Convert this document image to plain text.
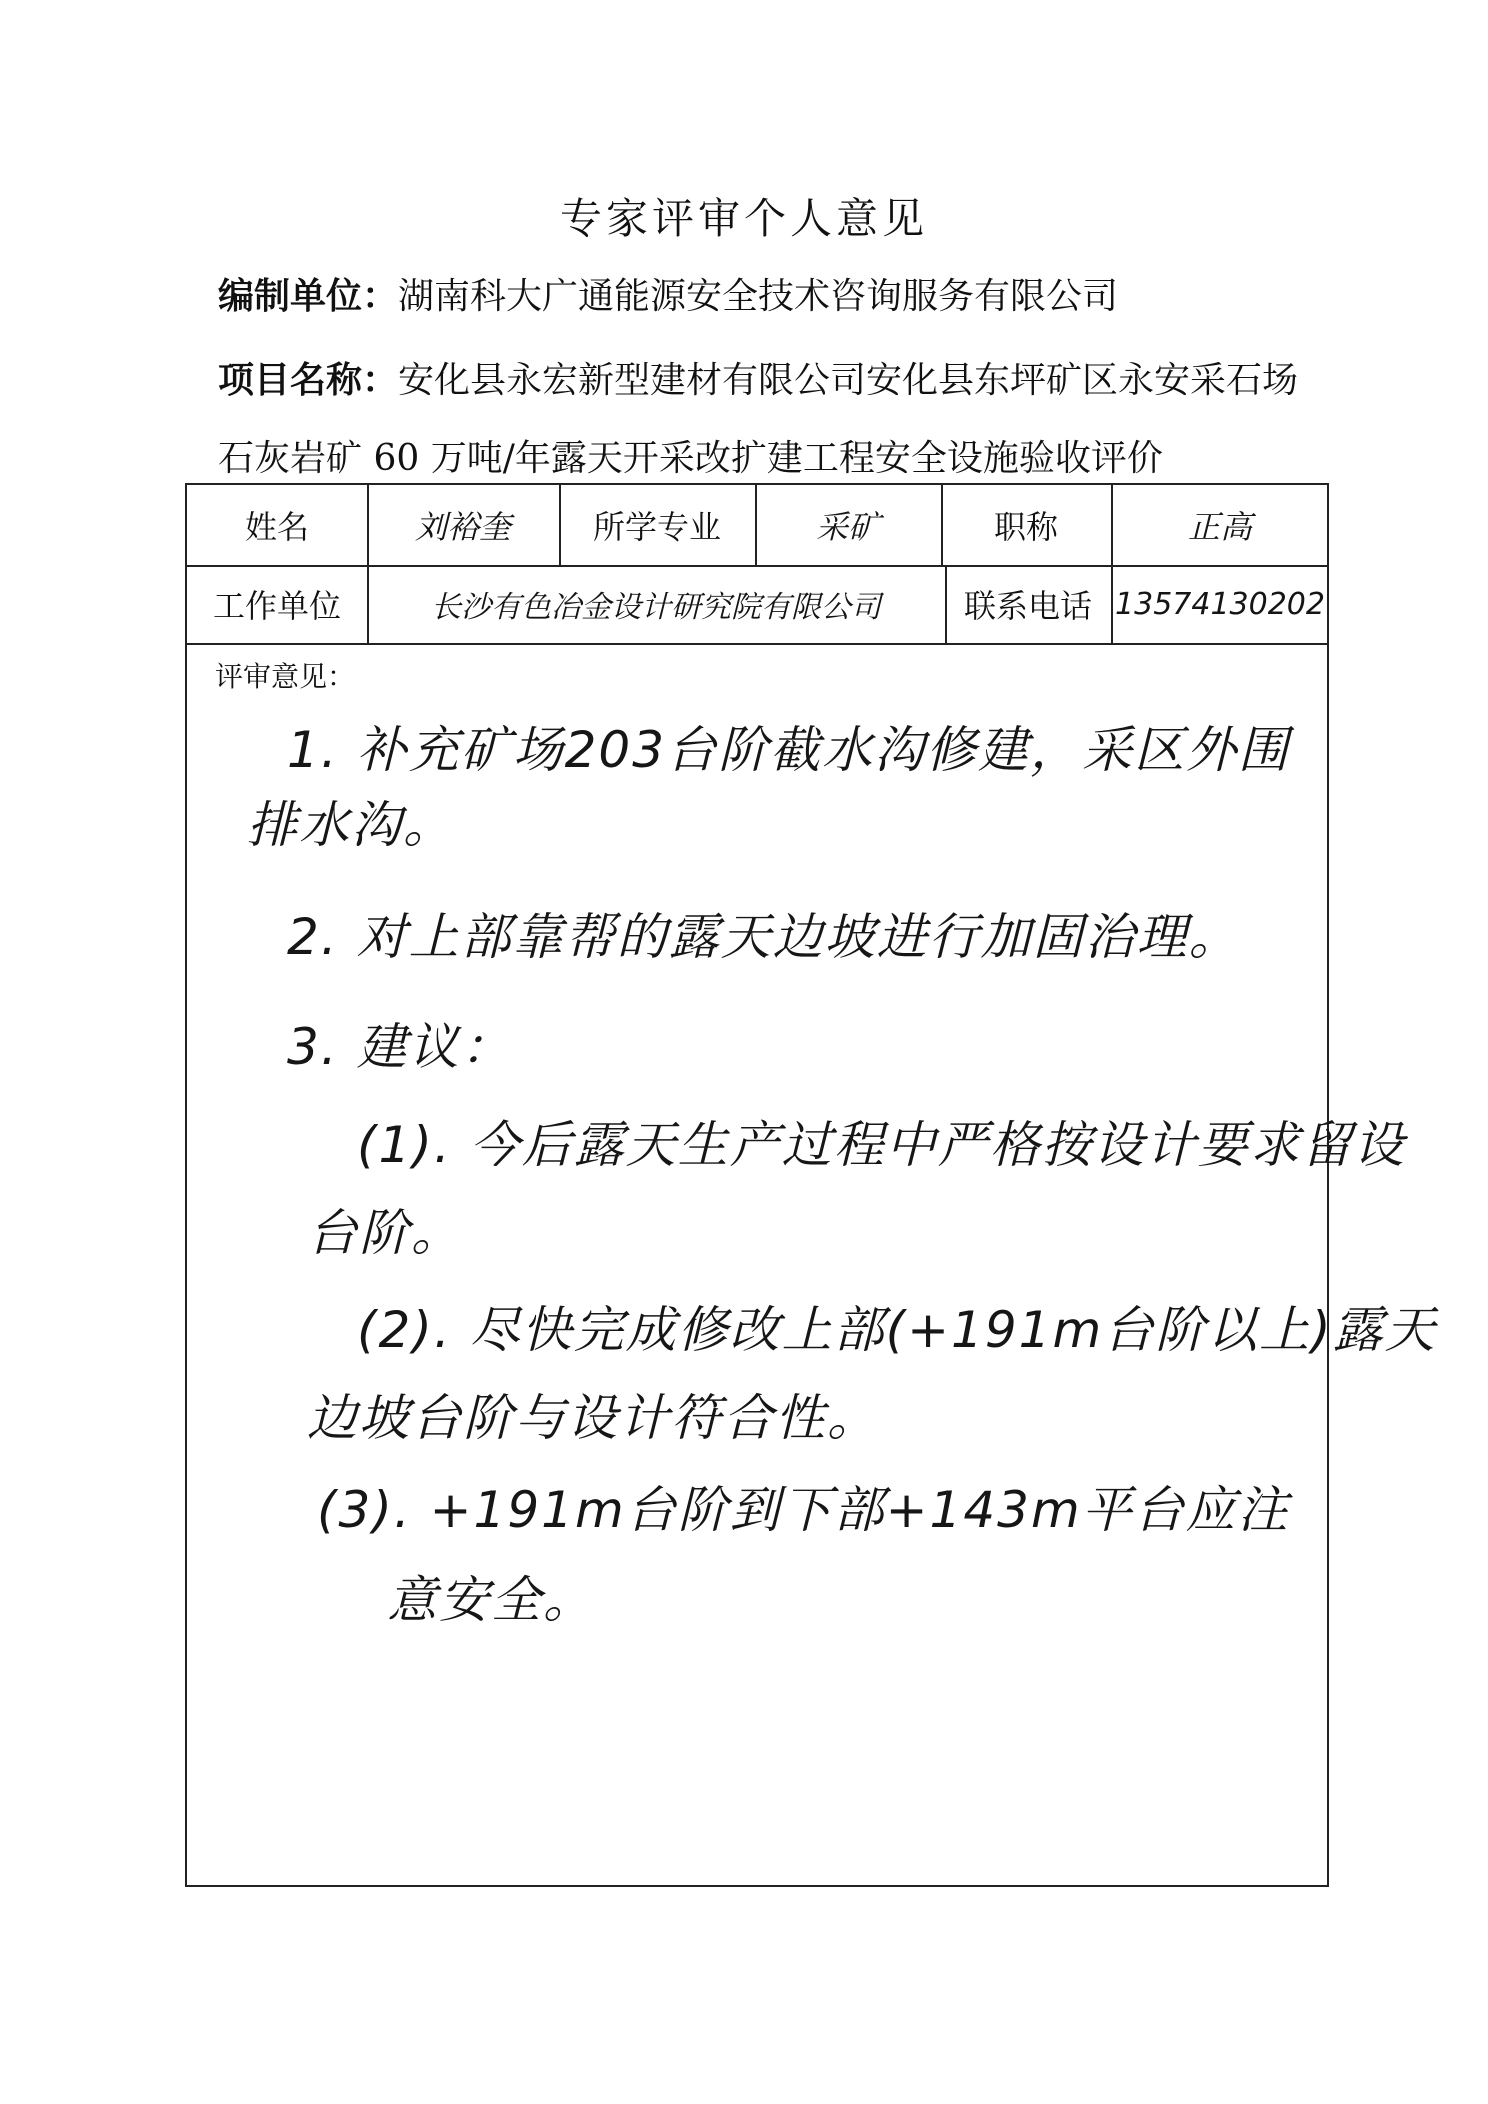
专家评审个人意见
编制单位：湖南科大广通能源安全技术咨询服务有限公司
项目名称：安化县永宏新型建材有限公司安化县东坪矿区永安采石场
石灰岩矿 60 万吨/年露天开采改扩建工程安全设施验收评价
姓名	刘裕奎	所学专业	采矿	职称	正高
工作单位	长沙有色冶金设计研究院有限公司	联系电话 13574130202
评审意见：
1. 补充矿场203台阶截水沟修建，采区外围
排水沟。
2. 对上部靠帮的露天边坡进行加固治理。
3. 建议：
(1). 今后露天生产过程中严格按设计要求留设
台阶。
(2). 尽快完成修改上部(+191m台阶以上)露天
边坡台阶与设计符合性。
(3). +191m台阶到下部+143m平台应注
意安全。
